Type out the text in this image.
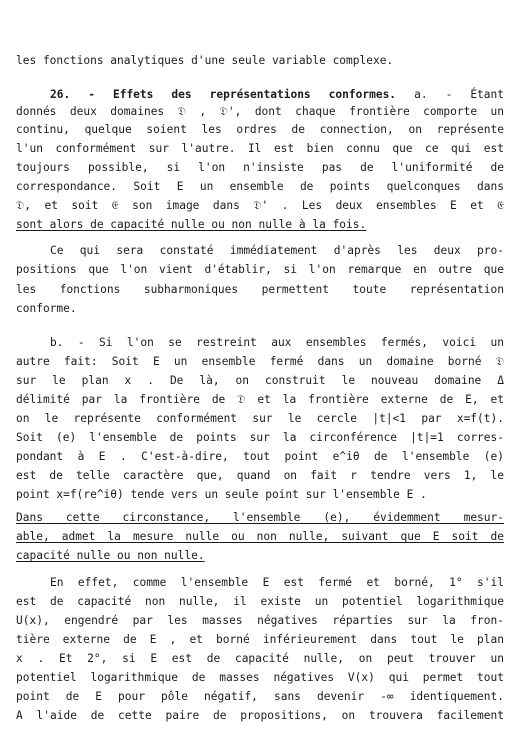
les fonctions analytiques d'une seule variable complexe.
26. - Effets des représentations conformes. a. - Étant
donnés deux domaines 𝔇 , 𝔇', dont chaque frontière comporte un
continu, quelque soient les ordres de connection, on représente
l'un conformément sur l'autre. Il est bien connu que ce qui est
toujours possible, si l'on n'insiste pas de l'uniformité de
correspondance. Soit E un ensemble de points quelconques dans
𝔇, et soit 𝔈 son image dans 𝔇' . Les deux ensembles E et 𝔈
sont alors de capacité nulle ou non nulle à la fois.
Ce qui sera constaté immédiatement d'après les deux pro-
positions que l'on vient d'établir, si l'on remarque en outre que
les fonctions subharmoniques permettent toute représentation
conforme.
b. - Si l'on se restreint aux ensembles fermés, voici un
autre fait: Soit E un ensemble fermé dans un domaine borné 𝔇
sur le plan x . De là, on construit le nouveau domaine Δ
délimité par la frontière de 𝔇 et la frontière externe de E, et
on le représente conformément sur le cercle |t|<1 par x=f(t).
Soit (e) l'ensemble de points sur la circonférence |t|=1 corres-
pondant à E . C'est-à-dire, tout point e^iθ de l'ensemble (e)
est de telle caractère que, quand on fait r tendre vers 1, le
point x=f(re^iθ) tende vers un seule point sur l'ensemble E .
Dans cette circonstance, l'ensemble (e), évidemment mesur-
able, admet la mesure nulle ou non nulle, suivant que E soit de
capacité nulle ou non nulle.
En effet, comme l'ensemble E est fermé et borné, 1° s'il
est de capacité non nulle, il existe un potentiel logarithmique
U(x), engendré par les masses négatives réparties sur la fron-
tière externe de E , et borné inférieurement dans tout le plan
x . Et 2°, si E est de capacité nulle, on peut trouver un
potentiel logarithmique de masses négatives V(x) qui permet tout
point de E pour pôle négatif, sans devenir -∞ identiquement.
A l'aide de cette paire de propositions, on trouvera facilement
